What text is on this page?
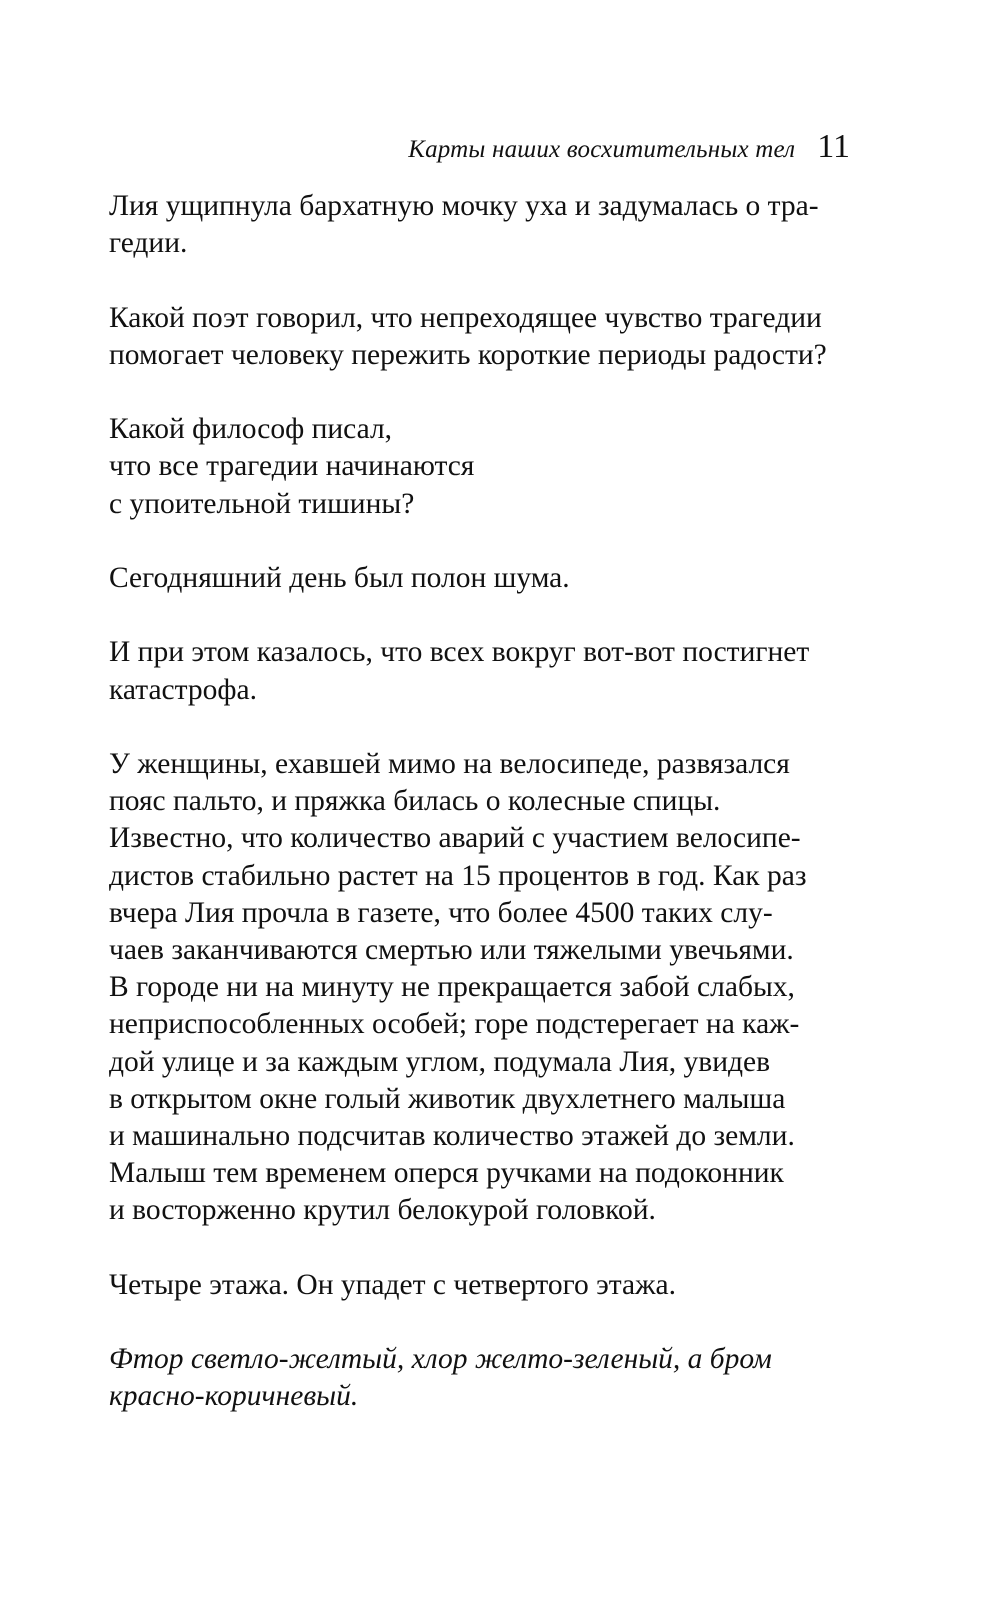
Карты наших восхитительных тел 11

Лия ущипнула бархатную мочку уха и задумалась о тра-
гедии.

Какой поэт говорил, что непреходящее чувство трагедии
помогает человеку пережить короткие периоды радости?

Какой философ писал,
что все трагедии начинаются
с упоительной тишины?

Сегодняшний день был полон шума.

И при этом казалось, что всех вокруг вот-вот постигнет
катастрофа.

У женщины, ехавшей мимо на велосипеде, развязался
пояс пальто, и пряжка билась о колесные спицы.
Известно, что количество аварий с участием велосипе-
дистов стабильно растет на 15 процентов в год. Как раз
вчера Лия прочла в газете, что более 4500 таких слу-
чаев заканчиваются смертью или тяжелыми увечьями.
В городе ни на минуту не прекращается забой слабых,
неприспособленных особей; горе подстерегает на каж-
дой улице и за каждым углом, подумала Лия, увидев
в открытом окне голый животик двухлетнего малыша
и машинально подсчитав количество этажей до земли.
Малыш тем временем оперся ручками на подоконник
и восторженно крутил белокурой головкой.

Четыре этажа. Он упадет с четвертого этажа.

Фтор светло-желтый, хлор желто-зеленый, а бром
красно-коричневый.
